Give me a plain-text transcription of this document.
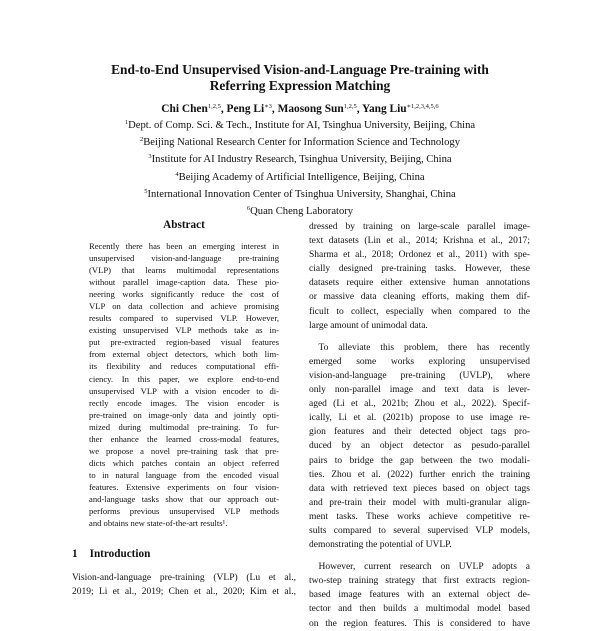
End-to-End Unsupervised Vision-and-Language Pre-training with
Referring Expression Matching
Chi Chen$^{1,2,5}$, Peng $Li^{∗3}$, Maosong Sun$^{1,2,5}$, Yang Liu$^{∗1,2,3,4,5,6}$
$^1$Dept. of Comp. Sci. & Tech., Institute for AI, Tsinghua University, Beijing, China
$^2$Beijing National Research Center for Information Science and Technology
$^3$Institute for AI Industry Research, Tsinghua University, Beijing, China
$^4$Beijing Academy of Artificial Intelligence, Beijing, China
$^5$International Innovation Center of Tsinghua University, Shanghai, China
$^6$Quan Cheng Laboratory
Abstract
Recently there has been an emerging interest in
unsupervised vision-and-language pre-training
(VLP) that learns multimodal representations
without parallel image-caption data. These pio-
neering works significantly reduce the cost of
VLP on data collection and achieve promising
results compared to supervised VLP. However,
existing unsupervised VLP methods take as in-
put pre-extracted region-based visual features
from external object detectors, which both lim-
its flexibility and reduces computational effi-
ciency. In this paper, we explore end-to-end
unsupervised VLP with a vision encoder to di-
rectly encode images. The vision encoder is
pre-trained on image-only data and jointly opti-
mized during multimodal pre-training. To fur-
ther enhance the learned cross-modal features,
we propose a novel pre-training task that pre-
dicts which patches contain an object referred
to in natural language from the encoded visual
features. Extensive experiments on four vision-
and-language tasks show that our approach out-
performs previous unsupervised VLP methods
and obtains new state-of-the-art results¹.
1 Introduction
Vision-and-language pre-training (VLP) (Lu et al.,
2019; Li et al., 2019; Chen et al., 2020; Kim et al.,
dressed by training on large-scale parallel image-
text datasets (Lin et al., 2014; Krishna et al., 2017;
Sharma et al., 2018; Ordonez et al., 2011) with spe-
cially designed pre-training tasks. However, these
datasets require either extensive human annotations
or massive data cleaning efforts, making them dif-
ficult to collect, especially when compared to the
large amount of unimodal data.
 To alleviate this problem, there has recently
emerged some works exploring unsupervised
vision-and-language pre-training (UVLP), where
only non-parallel image and text data is lever-
aged (Li et al., 2021b; Zhou et al., 2022). Specif-
ically, Li et al. (2021b) propose to use image re-
gion features and their detected object tags pro-
duced by an object detector as pesudo-parallel
pairs to bridge the gap between the two modali-
ties. Zhou et al. (2022) further enrich the training
data with retrieved text pieces based on object tags
and pre-train their model with multi-granular align-
ment tasks. These works achieve competitive re-
sults compared to several supervised VLP models,
demonstrating the potential of UVLP.
 However, current research on UVLP adopts a
two-step training strategy that first extracts region-
based image features with an external object de-
tector and then builds a multimodal model based
on the region features. This is considered to have
